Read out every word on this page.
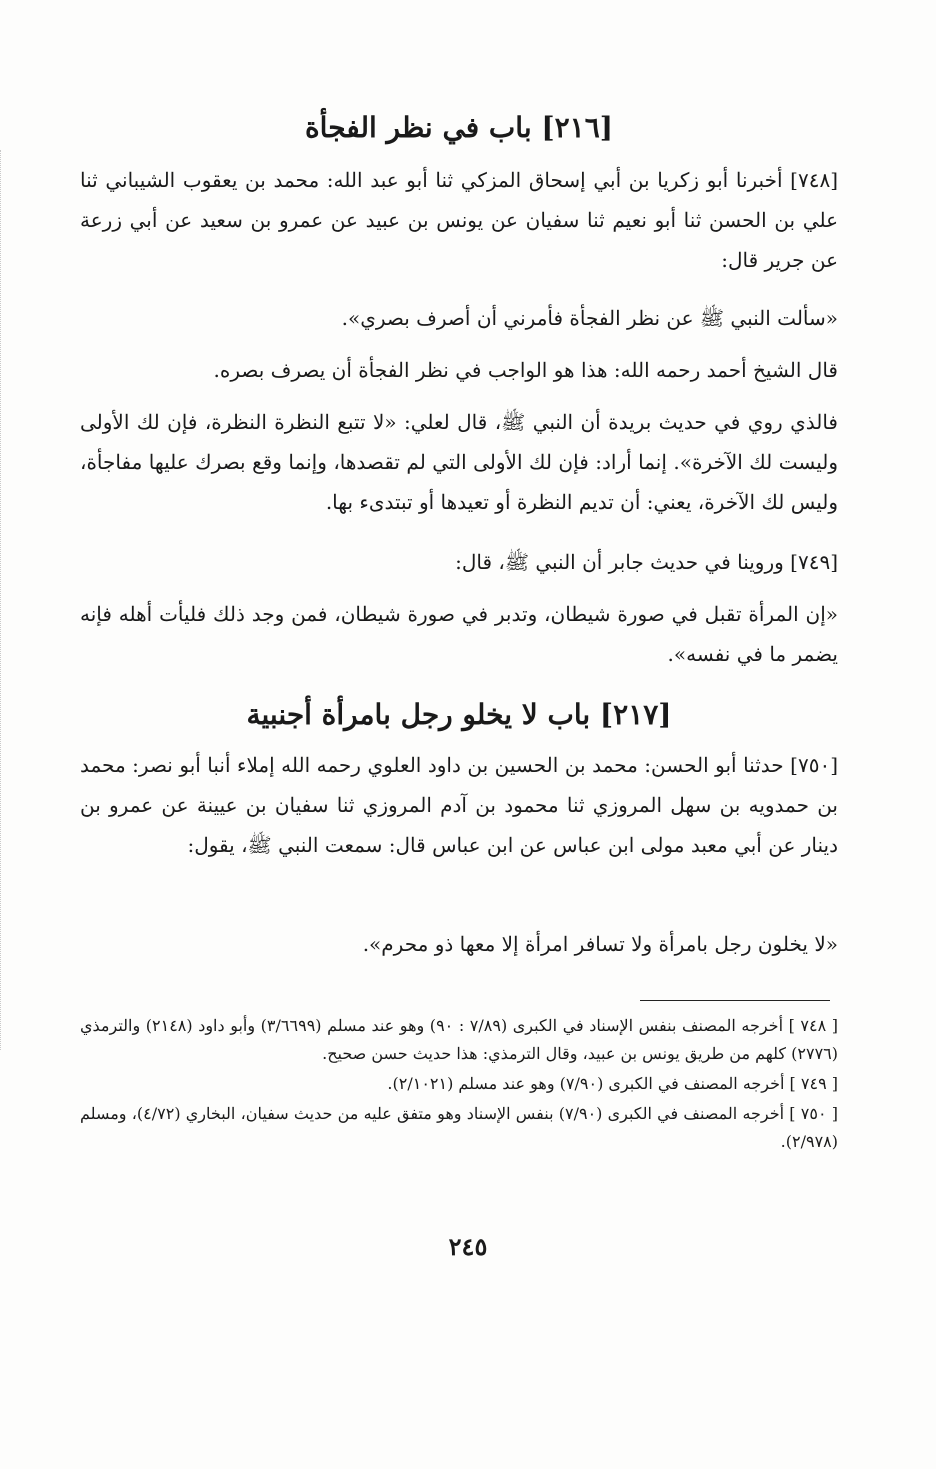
[٢١٦] باب في نظر الفجأة
[٧٤٨] أخبرنا أبو زكريا بن أبي إسحاق المزكي ثنا أبو عبد الله: محمد بن يعقوب الشيباني ثنا علي بن الحسن ثنا أبو نعيم ثنا سفيان عن يونس بن عبيد عن عمرو بن سعيد عن أبي زرعة عن جرير قال:
«سألت النبي ﷺ عن نظر الفجأة فأمرني أن أصرف بصري».
قال الشيخ أحمد رحمه الله: هذا هو الواجب في نظر الفجأة أن يصرف بصره.
فالذي روي في حديث بريدة أن النبي ﷺ، قال لعلي: «لا تتبع النظرة النظرة، فإن لك الأولى وليست لك الآخرة». إنما أراد: فإن لك الأولى التي لم تقصدها، وإنما وقع بصرك عليها مفاجأة، وليس لك الآخرة، يعني: أن تديم النظرة أو تعيدها أو تبتدىء بها.
[٧٤٩] وروينا في حديث جابر أن النبي ﷺ، قال:
«إن المرأة تقبل في صورة شيطان، وتدبر في صورة شيطان، فمن وجد ذلك فليأت أهله فإنه يضمر ما في نفسه».
[٢١٧] باب لا يخلو رجل بامرأة أجنبية
[٧٥٠] حدثنا أبو الحسن: محمد بن الحسين بن داود العلوي رحمه الله إملاء أنبا أبو نصر: محمد بن حمدويه بن سهل المروزي ثنا محمود بن آدم المروزي ثنا سفيان بن عيينة عن عمرو بن دينار عن أبي معبد مولى ابن عباس عن ابن عباس قال: سمعت النبي ﷺ، يقول:
«لا يخلون رجل بامرأة ولا تسافر امرأة إلا معها ذو محرم».

[ ٧٤٨ ] أخرجه المصنف بنفس الإسناد في الكبرى (٧/٨٩ : ٩٠) وهو عند مسلم (٣/٦٦٩٩) وأبو داود (٢١٤٨) والترمذي (٢٧٧٦) كلهم من طريق يونس بن عبيد، وقال الترمذي: هذا حديث حسن صحيح.

[ ٧٤٩ ] أخرجه المصنف في الكبرى (٧/٩٠) وهو عند مسلم (٢/١٠٢١).

[ ٧٥٠ ] أخرجه المصنف في الكبرى (٧/٩٠) بنفس الإسناد وهو متفق عليه من حديث سفيان، البخاري (٤/٧٢)، ومسلم (٢/٩٧٨).

٢٤٥
